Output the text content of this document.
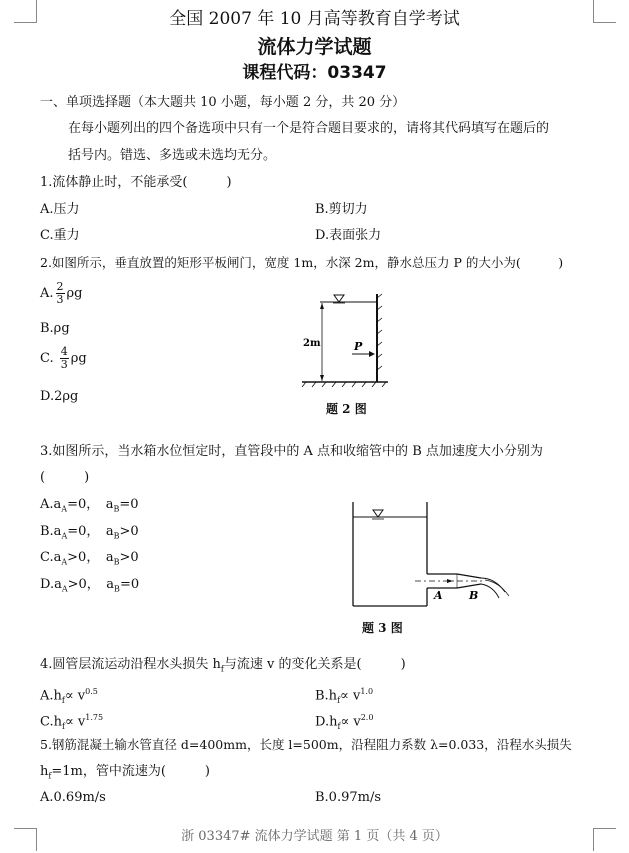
全国 2007 年 10 月高等教育自学考试
流体力学试题
课程代码：03347
一、单项选择题（本大题共 10 小题，每小题 2 分，共 20 分）
在每小题列出的四个备选项中只有一个是符合题目要求的，请将其代码填写在题后的
括号内。错选、多选或未选均无分。
1.流体静止时，不能承受(　　　)
A.压力	B.剪切力
C.重力	D.表面张力
2.如图所示，垂直放置的矩形平板闸门，宽度 1m，水深 2m，静水总压力 P 的大小为(　　　)
A. $\frac{2}{3}$ ρg
B.ρg
C. $\frac{4}{3}$ ρg
D.2ρg
2m	P
题 2 图
3.如图所示，当水箱水位恒定时，直管段中的 A 点和收缩管中的 B 点加速度大小分别为
(　　　)
$A.a_A=0$，　$a_B=0$
$B.a_A=0$，　$a_B>0$
$C.a_A>0$，　$a_B>0$
$D.a_A>0$，　$a_B=0$
A B
题 3 图
4.圆管层流运动沿程水头损失 $h_f$与流速 v 的变化关系是(　　　)
$A.h_f\propto v^{0.5}$	$B.h_f\propto v^{1.0}$
$C.h_f\propto v^{1.75}$	$D.h_f\propto v^{2.0}$
5.钢筋混凝土输水管直径 d=400mm，长度 l=500m，沿程阻力系数 λ=0.033，沿程水头损失
$h_f=1m$，管中流速为(　　　)
A.0.69m/s	B.0.97m/s
浙 03347# 流体力学试题 第 1 页（共 4 页）
